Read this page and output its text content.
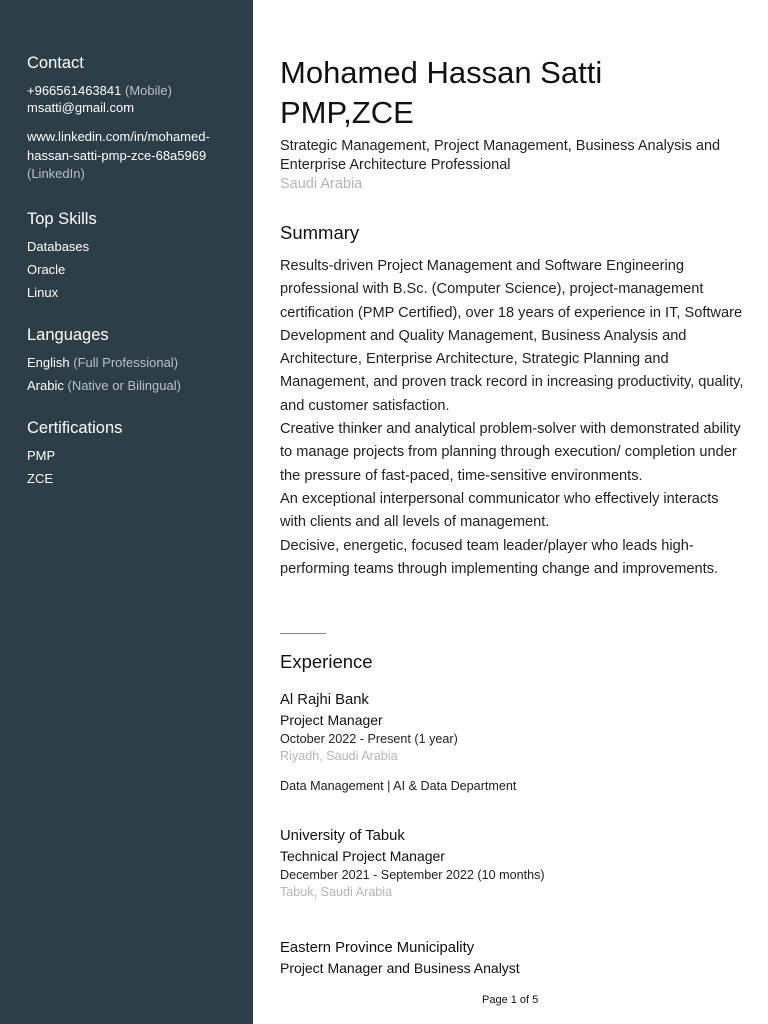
Contact
+966561463841 (Mobile)
msatti@gmail.com
www.linkedin.com/in/mohamed-
hassan-satti-pmp-zce-68a5969
(LinkedIn)
Top Skills
Databases
Oracle
Linux
Languages
English (Full Professional)
Arabic (Native or Bilingual)
Certifications
PMP
ZCE
Mohamed Hassan Satti
PMP,ZCE
Strategic Management, Project Management, Business Analysis and
Enterprise Architecture Professional
Saudi Arabia
Summary

Results-driven Project Management and Software Engineering professional with B.Sc. (Computer Science), project-management certification (PMP Certified), over 18 years of experience in IT, Software Development and Quality Management, Business Analysis and Architecture, Enterprise Architecture, Strategic Planning and Management, and proven track record in increasing productivity, quality, and customer satisfaction.

Creative thinker and analytical problem-solver with demonstrated ability to manage projects from planning through execution/ completion under the pressure of fast-paced, time-sensitive environments.

An exceptional interpersonal communicator who effectively interacts with clients and all levels of management.

Decisive, energetic, focused team leader/player who leads high-performing teams through implementing change and improvements.

Experience
Al Rajhi Bank
Project Manager
October 2022 - Present (1 year)
Riyadh, Saudi Arabia
Data Management | AI & Data Department
University of Tabuk
Technical Project Manager
December 2021 - September 2022 (10 months)
Tabuk, Saudi Arabia
Eastern Province Municipality
Project Manager and Business Analyst
Page 1 of 5
